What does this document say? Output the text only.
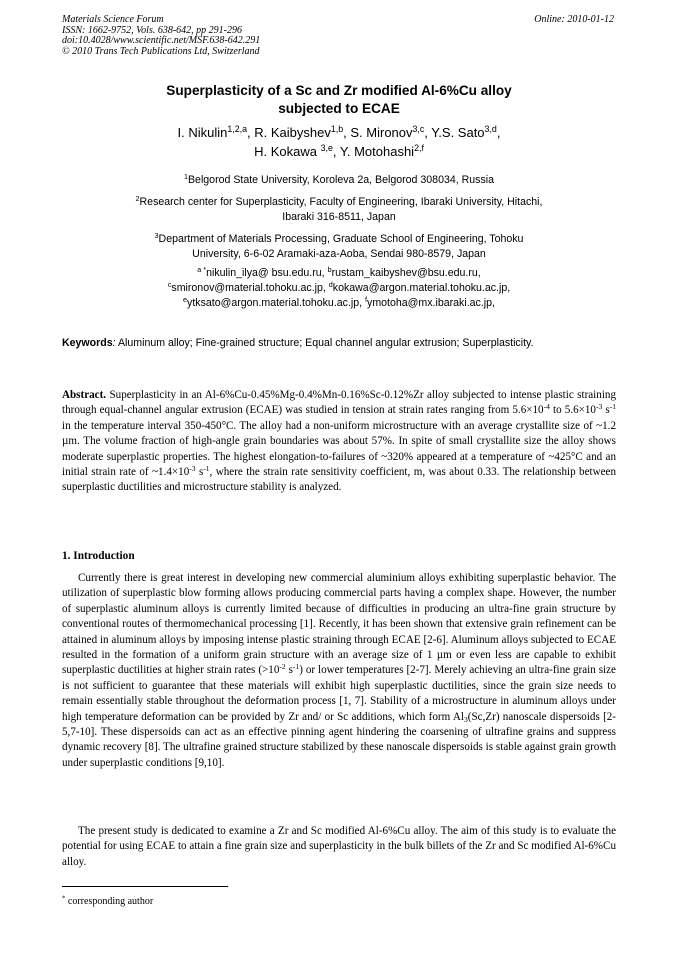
Materials Science Forum
ISSN: 1662-9752, Vols. 638-642, pp 291-296
doi:10.4028/www.scientific.net/MSF.638-642.291
© 2010 Trans Tech Publications Ltd, Switzerland
Online: 2010-01-12
Superplasticity of a Sc and Zr modified Al-6%Cu alloy
subjected to ECAE
I. Nikulin$^{1,2,a}$, R. Kaibyshev$^{1,b}$, S. Mironov$^{3,c}$, Y.S. Sato$^{3,d}$,
H. Kokawa $^{3,e}$, Y. Motohashi$^{2,f}$
$^1$Belgorod State University, Koroleva 2a, Belgorod 308034, Russia
$^2$Research center for Superplasticity, Faculty of Engineering, Ibaraki University, Hitachi,
Ibaraki 316-8511, Japan
$^3$Department of Materials Processing, Graduate School of Engineering, Tohoku
University, 6-6-02 Aramaki-aza-Aoba, Sendai 980-8579, Japan
$^{a *}$nikulin_ilya@ bsu.edu.ru, $^b$rustam_kaibyshev@bsu.edu.ru,
$^c$smironov@material.tohoku.ac.jp, $^d$kokawa@argon.material.tohoku.ac.jp,
$^e$ytksato@argon.material.tohoku.ac.jp, $^f$ymotoha@mx.ibaraki.ac.jp,
Keywords: Aluminum alloy; Fine-grained structure; Equal channel angular extrusion; Superplasticity.
Abstract. Superplasticity in an Al-6%Cu-0.45%Mg-0.4%Mn-0.16%Sc-0.12%Zr alloy subjected to intense plastic straining through equal-channel angular extrusion (ECAE) was studied in tension at strain rates ranging from $5.6\times 10^{-4}$ to $5.6\times 10^{-3}$ $s^{-1}$ in the temperature interval 350-450°C. The alloy had a non-uniform microstructure with an average crystallite size of ~1.2 µm. The volume fraction of high-angle grain boundaries was about 57%. In spite of small crystallite size the alloy shows moderate superplastic properties. The highest elongation-to-failures of ~320% appeared at a temperature of ~425°C and an initial strain rate of $\sim 1.4\times 10^{-3}$ $s^{-1}$, where the strain rate sensitivity coefficient, m, was about 0.33. The relationship between superplastic ductilities and microstructure stability is analyzed.
1. Introduction
Currently there is great interest in developing new commercial aluminium alloys exhibiting superplastic behavior. The utilization of superplastic blow forming allows producing commercial parts having a complex shape. However, the number of superplastic aluminum alloys is currently limited because of difficulties in producing an ultra-fine grain structure by conventional routes of thermomechanical processing [1]. Recently, it has been shown that extensive grain refinement can be attained in aluminum alloys by imposing intense plastic straining through ECAE [2-6]. Aluminum alloys subjected to ECAE resulted in the formation of a uniform grain structure with an average size of 1 µm or even less are capable to exhibit superplastic ductilities at higher strain rates ($>10^{-2}$ $s^{-1}$) or lower temperatures [2-7]. Merely achieving an ultra-fine grain size is not sufficient to guarantee that these materials will exhibit high superplastic ductilities, since the grain size needs to remain essentially stable throughout the deformation process [1, 7]. Stability of a microstructure in aluminum alloys under high temperature deformation can be provided by Zr and/ or Sc additions, which form $Al_3(Sc,Zr)$ nanoscale dispersoids [2-5,7-10]. These dispersoids can act as an effective pinning agent hindering the coarsening of ultrafine grains and suppress dynamic recovery [8]. The ultrafine grained structure stabilized by these nanoscale dispersoids is stable against grain growth under superplastic conditions [9,10].
The present study is dedicated to examine a Zr and Sc modified Al-6%Cu alloy. The aim of this study is to evaluate the potential for using ECAE to attain a fine grain size and superplasticity in the bulk billets of the Zr and Sc modified Al-6%Cu alloy.
* corresponding author
